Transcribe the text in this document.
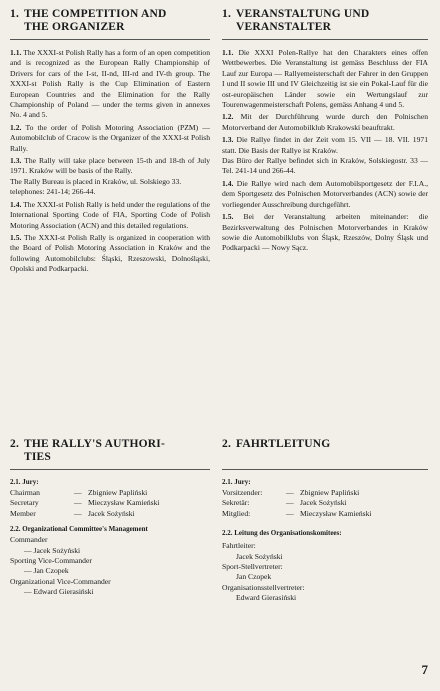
1. THE COMPETITION AND
THE ORGANIZER

1.1. The XXXI-st Polish Rally has a form of an open competition and is recognized as the European Rally Championship of Drivers for cars of the I-st, II-nd, III-rd and IV-th group. The XXXI-st Polish Rally is the Cup Elimination of Eastern European Countries and the Elimination for the Rally Championship of Poland — under the terms given in annexes No. 4 and 5.

1.2. To the order of Polish Motoring Association (PZM) — Automobilclub of Cracow is the Organizer of the XXXI-st Polish Rally.

1.3. The Rally will take place between 15-th and 18-th of July 1971. Kraków will be basis of the Rally.

The Rally Bureau is placed in Kraków, ul. Solskiego 33.

telephones: 241-14; 266-44.

1.4. The XXXI-st Polish Rally is held under the regulations of the International Sporting Code of FIA, Sporting Code of Polish Motoring Association (ACN) and this detailed regulations.

1.5. The XXXI-st Polish Rally is organized in cooperation with the Board of Polish Motoring Association in Kraków and the following Automobilclubs: Śląski, Rzeszowski, Dolnośląski, Opolski and Podkarpacki.

2. THE RALLY'S AUTHORI-
TIES
2.1. Jury:
Chairman	— Zbigniew Papliński
Secretary	— Mieczysław Kamieński
Member	— Jacek Sożyński
2.2. Organizational Committee's Management
Commander
— Jacek Sożyński
Sporting Vice-Commander
— Jan Czopek
Organizational Vice-Commander
— Edward Gierasiński
1. VERANSTALTUNG UND
VERANSTALTER

1.1. Die XXXI Polen-Rallye hat den Charakters eines offen Wettbewerbes. Die Veranstaltung ist gemäss Beschluss der FIA Lauf zur Europa — Rallyemeisterschaft der Fahrer in den Gruppen I und II sowie III und IV Gleichzeitig ist sie ein Pokal-Lauf für die ost-europäischen Länder sowie ein Wertungslauf zur Tourenwagenmeisterschaft Polens, gemäss Anhang 4 und 5.

1.2. Mit der Durchführung wurde durch den Polnischen Motorverband der Automobilklub Krakowski beauftrakt.

1.3. Die Rallye findet in der Zeit vom 15. VII — 18. VII. 1971 statt. Die Basis der Rallye ist Kraków.

Das Büro der Rallye befindet sich in Kraków, Solskiegostr. 33 — Tel. 241-14 und 266-44.

1.4. Die Rallye wird nach dem Automobilsportgesetz der F.I.A., dem Sportgesetz des Polnischen Motorverbandes (ACN) sowie der vorliegender Ausschreibung durchgeführt.

1.5. Bei der Veranstaltung arbeiten miteinander: die Bezirksverwaltung des Polnischen Motorverbandes in Kraków sowie die Automobilklubs von Śląsk, Rzeszów, Dolny Śląsk und Podkarpacki — Nowy Sącz.

2. FAHRTLEITUNG
2.1. Jury:
Vorsitzender:	— Zbigniew Papliński
Sekretär:	— Jacek Sożyński
Mitglied:	— Mieczysław Kamieński
2.2. Leitung des Organisationskomitees:
Fahrtleiter:
Jacek Sożyński
Sport-Stellvertreter:
Jan Czopek
Organisationsstellvertreter:
Edward Gierasiński
7
